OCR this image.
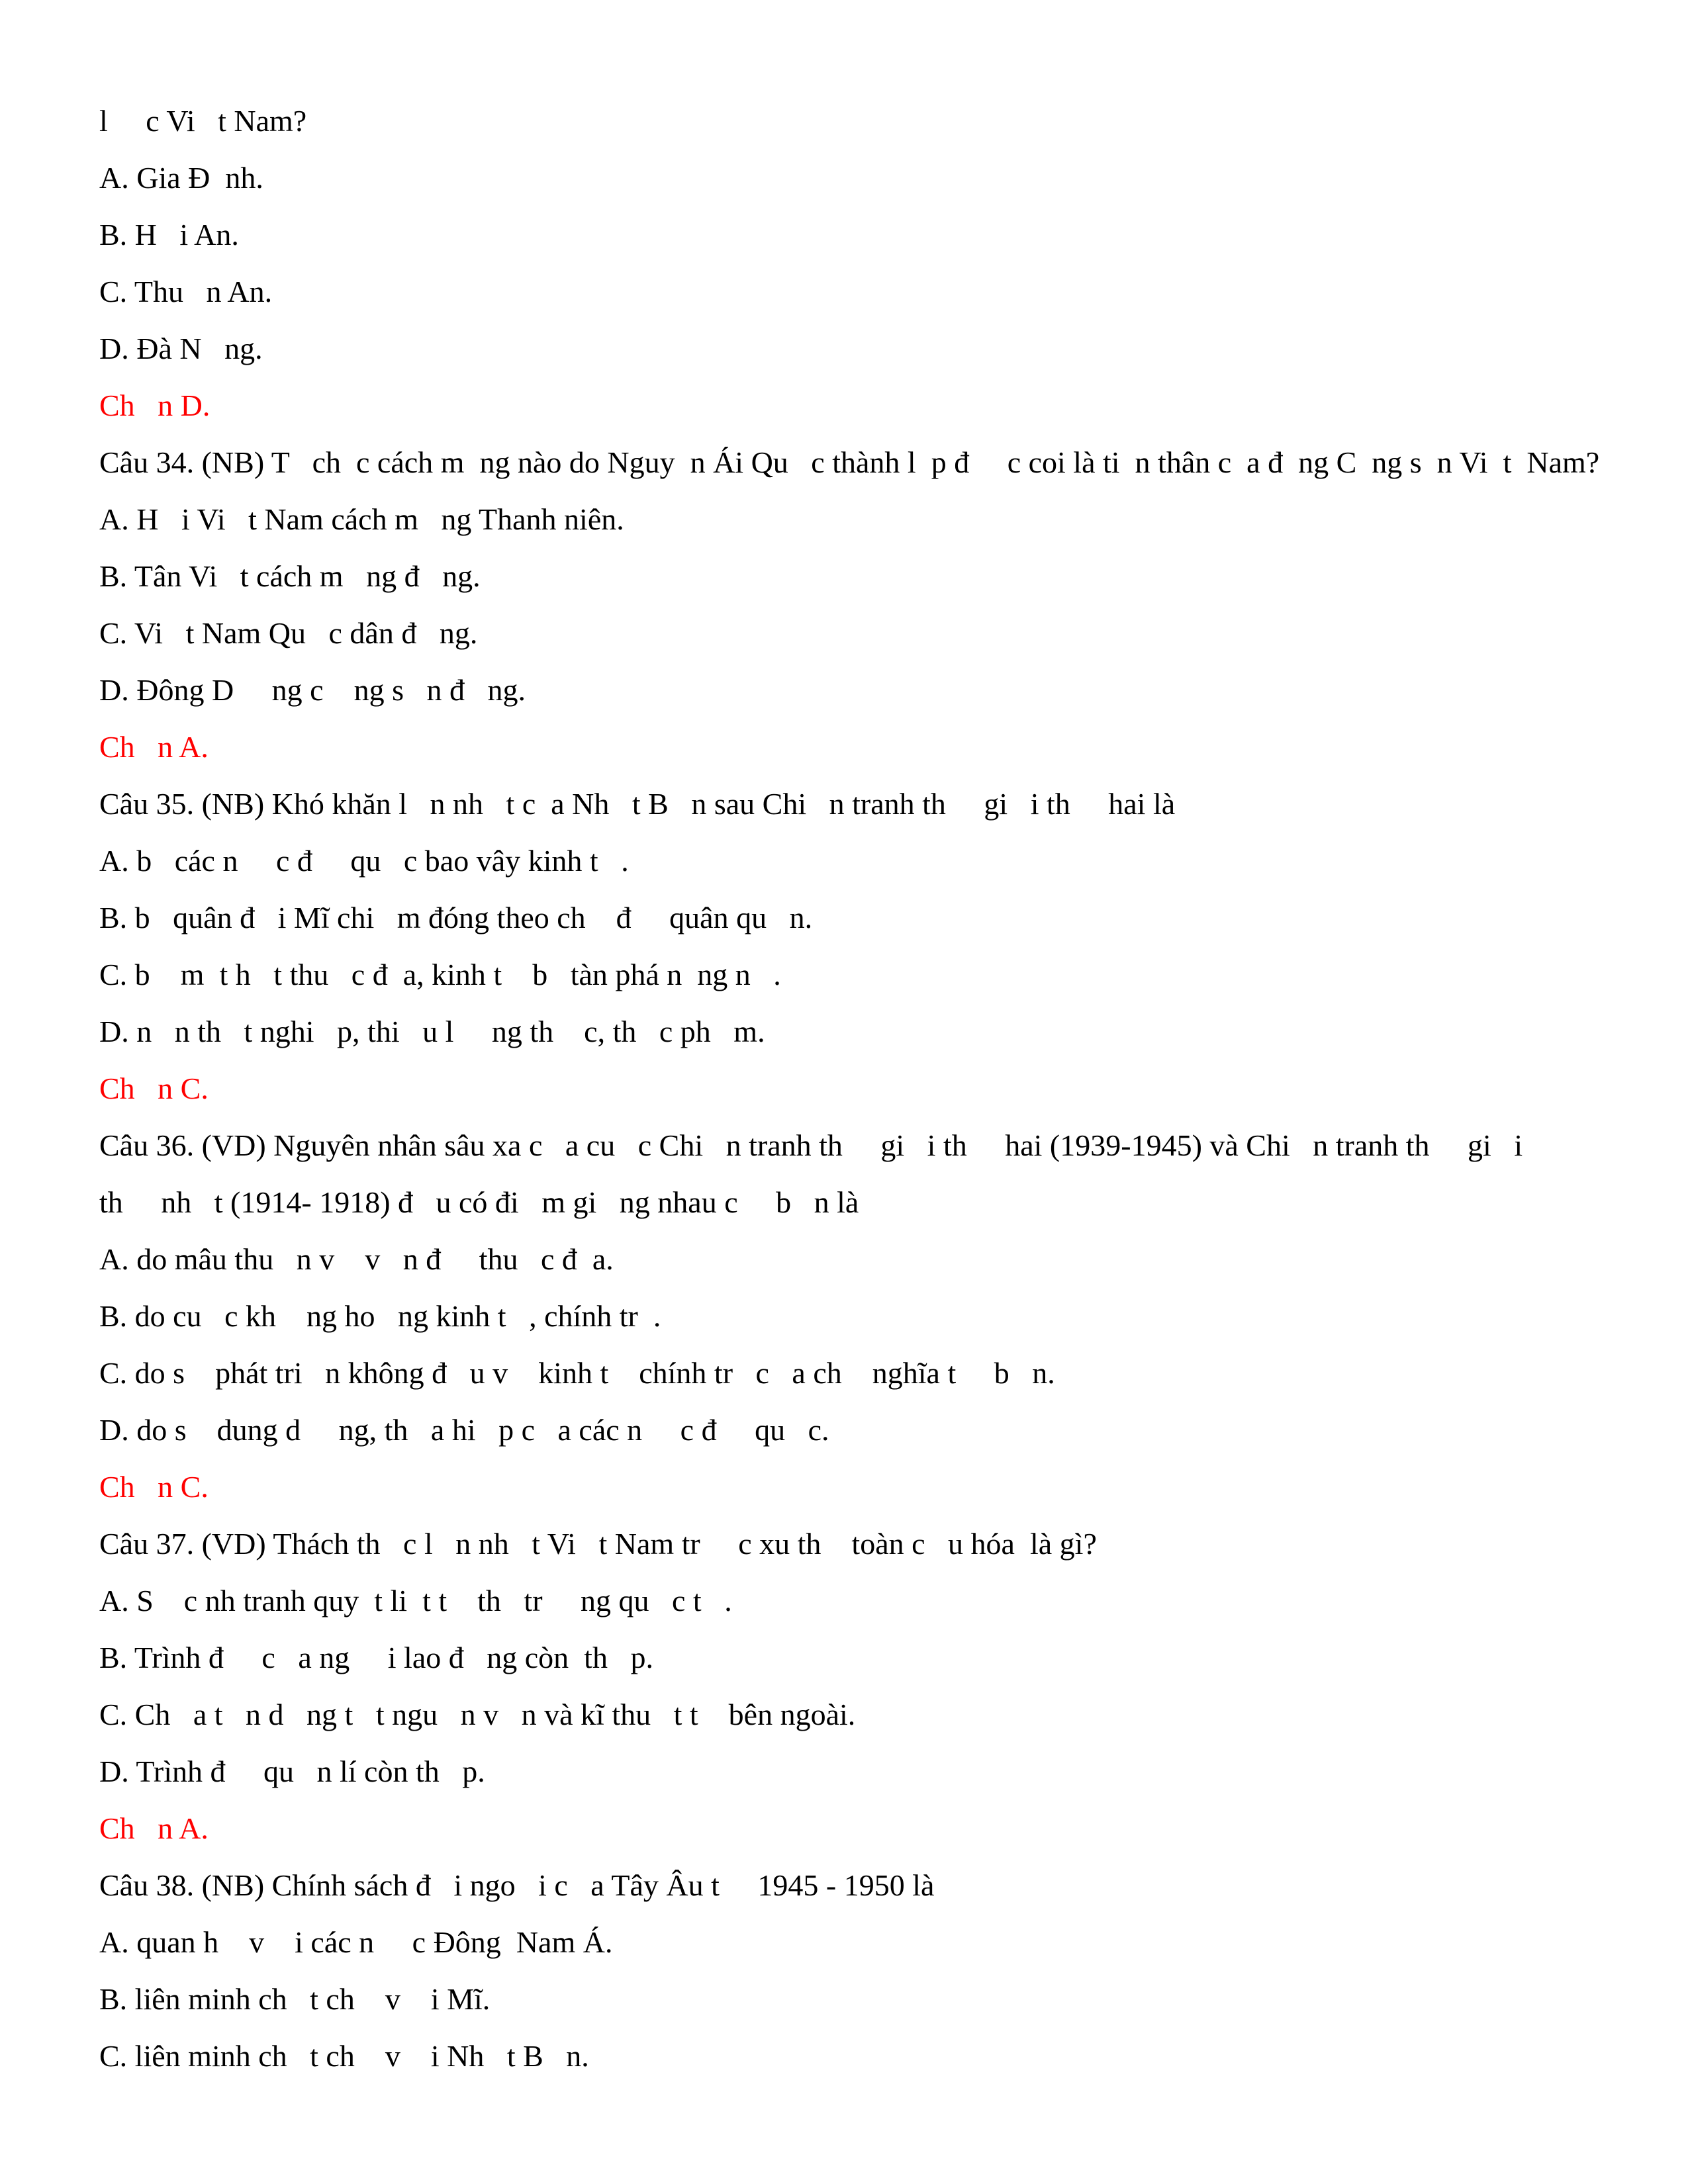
l     c Vi   t Nam?
A. Gia Đ  nh.
B. H   i An.
C. Thu   n An.
D. Đà N   ng.
Ch   n D.
Câu 34. (NB) T   ch  c cách m  ng nào do Nguy  n Ái Qu   c thành l  p đ     c coi là ti  n thân c  a đ  ng C  ng s  n Vi  t  Nam?
A. H   i Vi   t Nam cách m   ng Thanh niên.
B. Tân Vi   t cách m   ng đ   ng.
C. Vi   t Nam Qu   c dân đ   ng.
D. Đông D     ng c    ng s   n đ   ng.
Ch   n A.
Câu 35. (NB) Khó khăn l   n nh   t c  a Nh   t B   n sau Chi   n tranh th     gi   i th     hai là
A. b   các n     c đ     qu   c bao vây kinh t   .
B. b   quân đ   i Mĩ chi   m đóng theo ch    đ     quân qu   n.
C. b    m  t h   t thu   c đ  a, kinh t    b   tàn phá n  ng n   .
D. n   n th   t nghi   p, thi   u l     ng th    c, th   c ph   m.
Ch   n C.
Câu 36. (VD) Nguyên nhân sâu xa c   a cu   c Chi   n tranh th     gi   i th     hai (1939-1945) và Chi   n tranh th     gi   i
th     nh   t (1914- 1918) đ   u có đi   m gi   ng nhau c     b   n là
A. do mâu thu   n v    v   n đ     thu   c đ  a.
B. do cu   c kh    ng ho   ng kinh t   , chính tr  .
C. do s    phát tri   n không đ   u v    kinh t    chính tr   c   a ch    nghĩa t     b   n.
D. do s    dung d     ng, th   a hi   p c   a các n     c đ     qu   c.
Ch   n C.
Câu 37. (VD) Thách th   c l   n nh   t Vi   t Nam tr     c xu th    toàn c   u hóa  là gì?
A. S    c nh tranh quy  t li  t t    th   tr     ng qu   c t   .
B. Trình đ     c   a ng     i lao đ   ng còn  th   p.
C. Ch   a t   n d   ng t   t ngu   n v   n và kĩ thu   t t    bên ngoài.
D. Trình đ     qu   n lí còn th   p.
Ch   n A.
Câu 38. (NB) Chính sách đ   i ngo   i c   a Tây Âu t     1945 - 1950 là
A. quan h    v    i các n     c Đông  Nam Á.
B. liên minh ch   t ch    v    i Mĩ.
C. liên minh ch   t ch    v    i Nh   t B   n.
